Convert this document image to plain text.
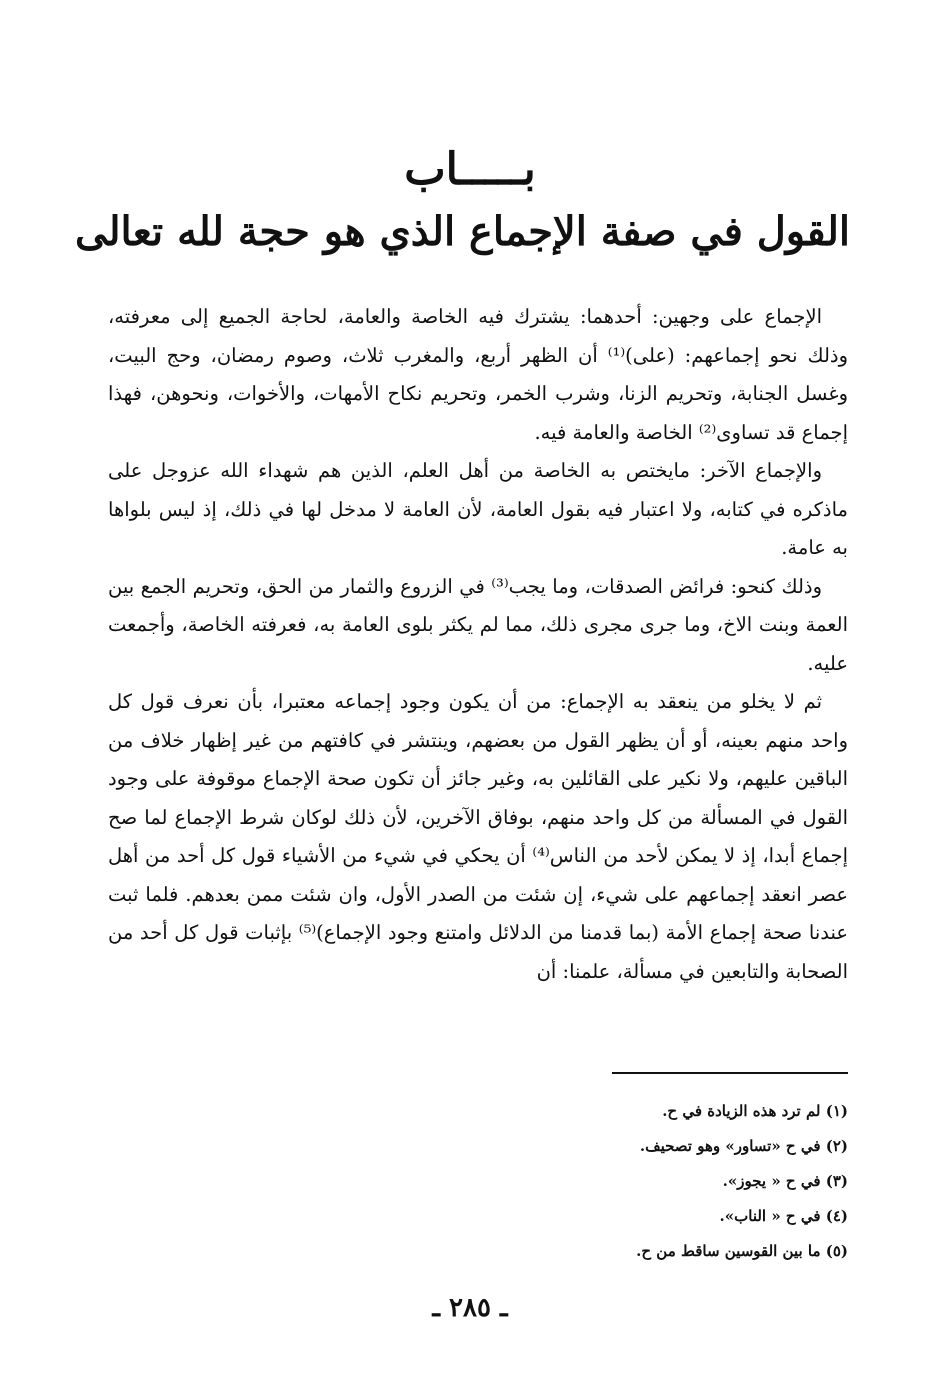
بـــــاب
القول في صفة الإجماع الذي هو حجة لله تعالى

الإجماع على وجهين: أحدهما: يشترك فيه الخاصة والعامة، لحاجة الجميع إلى معرفته، وذلك نحو إجماعهم: (على)⁽¹⁾ أن الظهر أربع، والمغرب ثلاث، وصوم رمضان، وحج البيت، وغسل الجنابة، وتحريم الزنا، وشرب الخمر، وتحريم نكاح الأمهات، والأخوات، ونحوهن، فهذا إجماع قد تساوى⁽²⁾ الخاصة والعامة فيه.

والإجماع الآخر: مايختص به الخاصة من أهل العلم، الذين هم شهداء الله عزوجل على ماذكره في كتابه، ولا اعتبار فيه بقول العامة، لأن العامة لا مدخل لها في ذلك، إذ ليس بلواها به عامة.

وذلك كنحو: فرائض الصدقات، وما يجب⁽³⁾ في الزروع والثمار من الحق، وتحريم الجمع بين العمة وبنت الاخ، وما جرى مجرى ذلك، مما لم يكثر بلوى العامة به، فعرفته الخاصة، وأجمعت عليه.

ثم لا يخلو من ينعقد به الإجماع: من أن يكون وجود إجماعه معتبرا، بأن نعرف قول كل واحد منهم بعينه، أو أن يظهر القول من بعضهم، وينتشر في كافتهم من غير إظهار خلاف من الباقين عليهم، ولا نكير على القائلين به، وغير جائز أن تكون صحة الإجماع موقوفة على وجود القول في المسألة من كل واحد منهم، بوفاق الآخرين، لأن ذلك لوكان شرط الإجماع لما صح إجماع أبدا، إذ لا يمكن لأحد من الناس⁽⁴⁾ أن يحكي في شيء من الأشياء قول كل أحد من أهل عصر انعقد إجماعهم على شيء، إن شئت من الصدر الأول، وان شئت ممن بعدهم. فلما ثبت عندنا صحة إجماع الأمة (بما قدمنا من الدلائل وامتنع وجود الإجماع)⁽⁵⁾ بإثبات قول كل أحد من الصحابة والتابعين في مسألة، علمنا: أن

(١) لم ترد هذه الزيادة في ح.
(٢) في ح «تساور» وهو تصحيف.
(٣) في ح « يجوز».
(٤) في ح « الناب».
(٥) ما بين القوسين ساقط من ح.
ـ ٢٨٥ ـ
